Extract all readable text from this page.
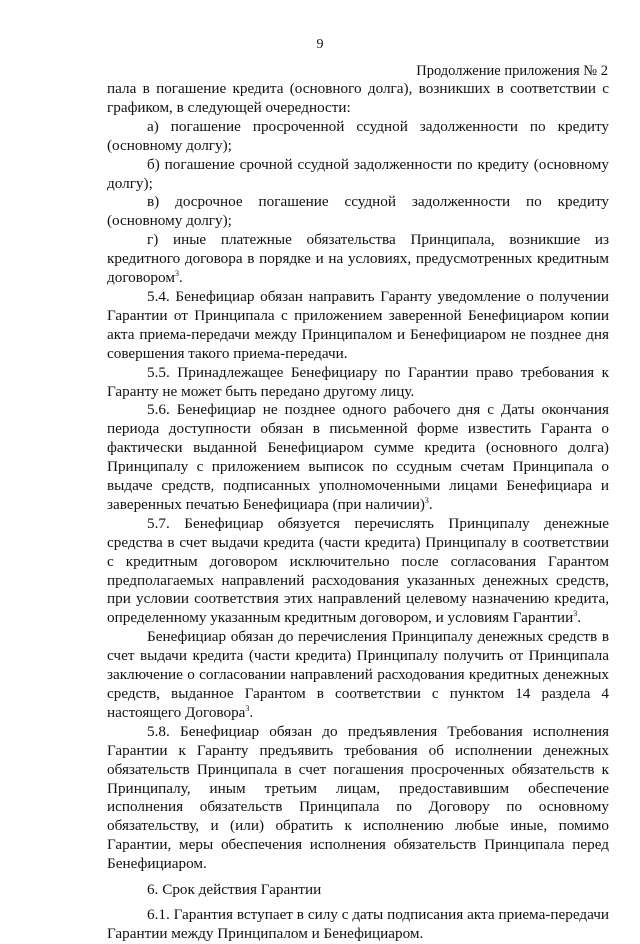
9
Продолжение приложения № 2

пала в погашение кредита (основного долга), возникших в соответствии с графиком, в следующей очередности:

а) погашение просроченной ссудной задолженности по кредиту (основному долгу);

б) погашение срочной ссудной задолженности по кредиту (основному долгу);

в) досрочное погашение ссудной задолженности по кредиту (основному долгу);

г) иные платежные обязательства Принципала, возникшие из кредитного договора в порядке и на условиях, предусмотренных кредитным договором$^3$.

5.4. Бенефициар обязан направить Гаранту уведомление о получении Гарантии от Принципала с приложением заверенной Бенефициаром копии акта приема-передачи между Принципалом и Бенефициаром не позднее дня совершения такого приема-передачи.

5.5. Принадлежащее Бенефициару по Гарантии право требования к Гаранту не может быть передано другому лицу.

5.6. Бенефициар не позднее одного рабочего дня с Даты окончания периода доступности обязан в письменной форме известить Гаранта о фактически выданной Бенефициаром сумме кредита (основного долга) Принципалу с приложением выписок по ссудным счетам Принципала о выдаче средств, подписанных уполномоченными лицами Бенефициара и заверенных печатью Бенефициара (при наличии)$^3$.

5.7. Бенефициар обязуется перечислять Принципалу денежные средства в счет выдачи кредита (части кредита) Принципалу в соответствии с кредитным договором исключительно после согласования Гарантом предполагаемых направлений расходования указанных денежных средств, при условии соответствия этих направлений целевому назначению кредита, определенному указанным кредитным договором, и условиям Гарантии$^3$.

Бенефициар обязан до перечисления Принципалу денежных средств в счет выдачи кредита (части кредита) Принципалу получить от Принципала заключение о согласовании направлений расходования кредитных денежных средств, выданное Гарантом в соответствии с пунктом 14 раздела 4 настоящего Договора$^3$.

5.8. Бенефициар обязан до предъявления Требования исполнения Гарантии к Гаранту предъявить требования об исполнении денежных обязательств Принципала в счет погашения просроченных обязательств к Принципалу, иным третьим лицам, предоставившим обеспечение исполнения обязательств Принципала по Договору по основному обязательству, и (или) обратить к исполнению любые иные, помимо Гарантии, меры обеспечения исполнения обязательств Принципала перед Бенефициаром.

6. Срок действия Гарантии

6.1. Гарантия вступает в силу с даты подписания акта приема-передачи Гарантии между Принципалом и Бенефициаром.
